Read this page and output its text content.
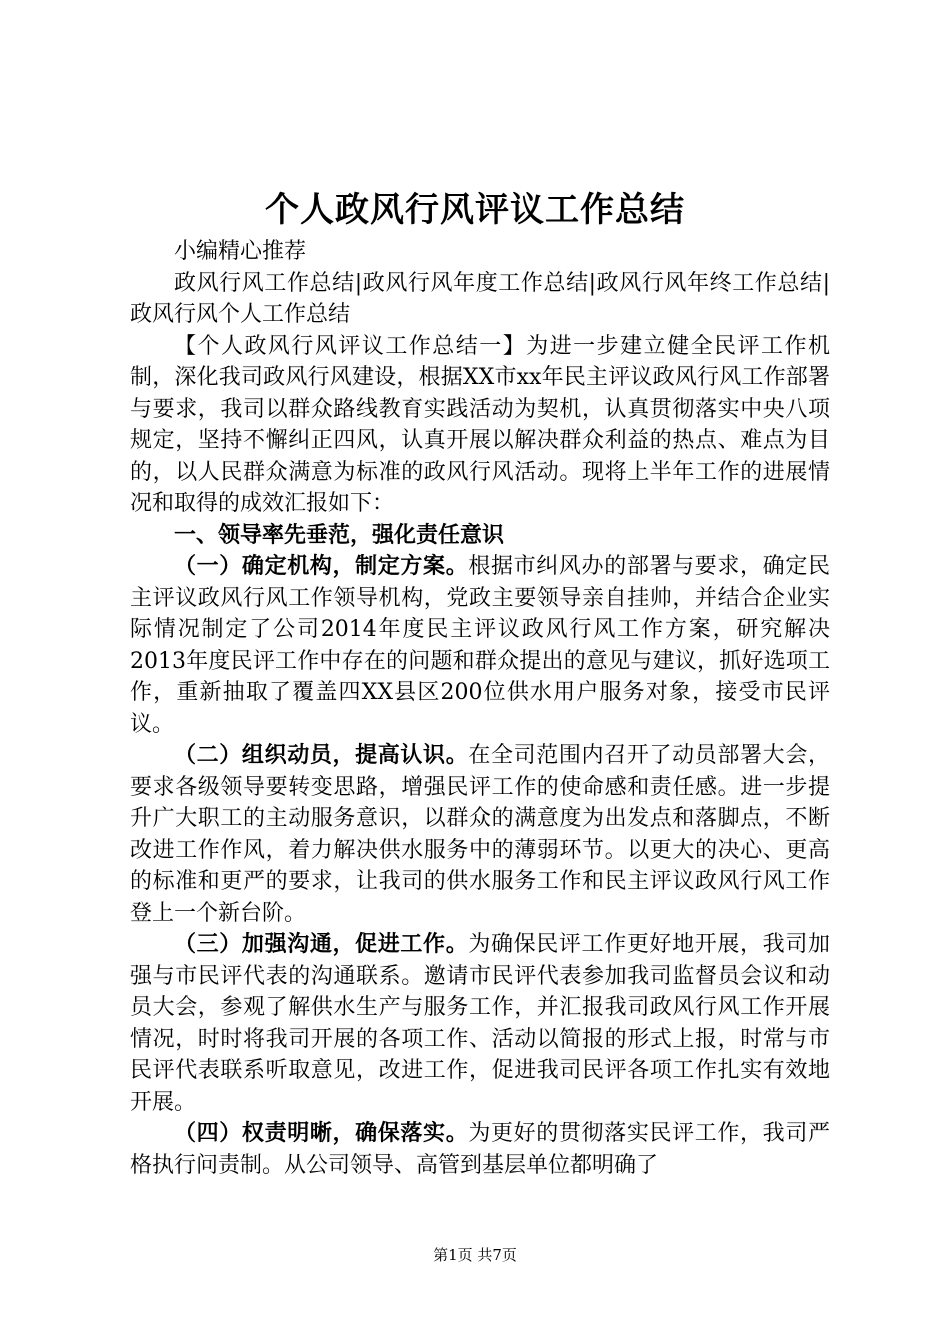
个人政风行风评议工作总结

小编精心推荐

政风行风工作总结|政风行风年度工作总结|政风行风年终工作总结|政风行风个人工作总结

【个人政风行风评议工作总结一】为进一步建立健全民评工作机制，深化我司政风行风建设，根据XX市xx年民主评议政风行风工作部署与要求，我司以群众路线教育实践活动为契机，认真贯彻落实中央八项规定，坚持不懈纠正四风，认真开展以解决群众利益的热点、难点为目的，以人民群众满意为标准的政风行风活动。现将上半年工作的进展情况和取得的成效汇报如下：

一、领导率先垂范，强化责任意识

（一）确定机构，制定方案。根据市纠风办的部署与要求，确定民主评议政风行风工作领导机构，党政主要领导亲自挂帅，并结合企业实际情况制定了公司2014年度民主评议政风行风工作方案，研究解决2013年度民评工作中存在的问题和群众提出的意见与建议，抓好选项工作，重新抽取了覆盖四XX县区200位供水用户服务对象，接受市民评议。

（二）组织动员，提高认识。在全司范围内召开了动员部署大会，要求各级领导要转变思路，增强民评工作的使命感和责任感。进一步提升广大职工的主动服务意识，以群众的满意度为出发点和落脚点，不断改进工作作风，着力解决供水服务中的薄弱环节。以更大的决心、更高的标准和更严的要求，让我司的供水服务工作和民主评议政风行风工作登上一个新台阶。

（三）加强沟通，促进工作。为确保民评工作更好地开展，我司加强与市民评代表的沟通联系。邀请市民评代表参加我司监督员会议和动员大会，参观了解供水生产与服务工作，并汇报我司政风行风工作开展情况，时时将我司开展的各项工作、活动以简报的形式上报，时常与市民评代表联系听取意见，改进工作，促进我司民评各项工作扎实有效地开展。

（四）权责明晰，确保落实。为更好的贯彻落实民评工作，我司严格执行问责制。从公司领导、高管到基层单位都明确了

第1页 共7页
